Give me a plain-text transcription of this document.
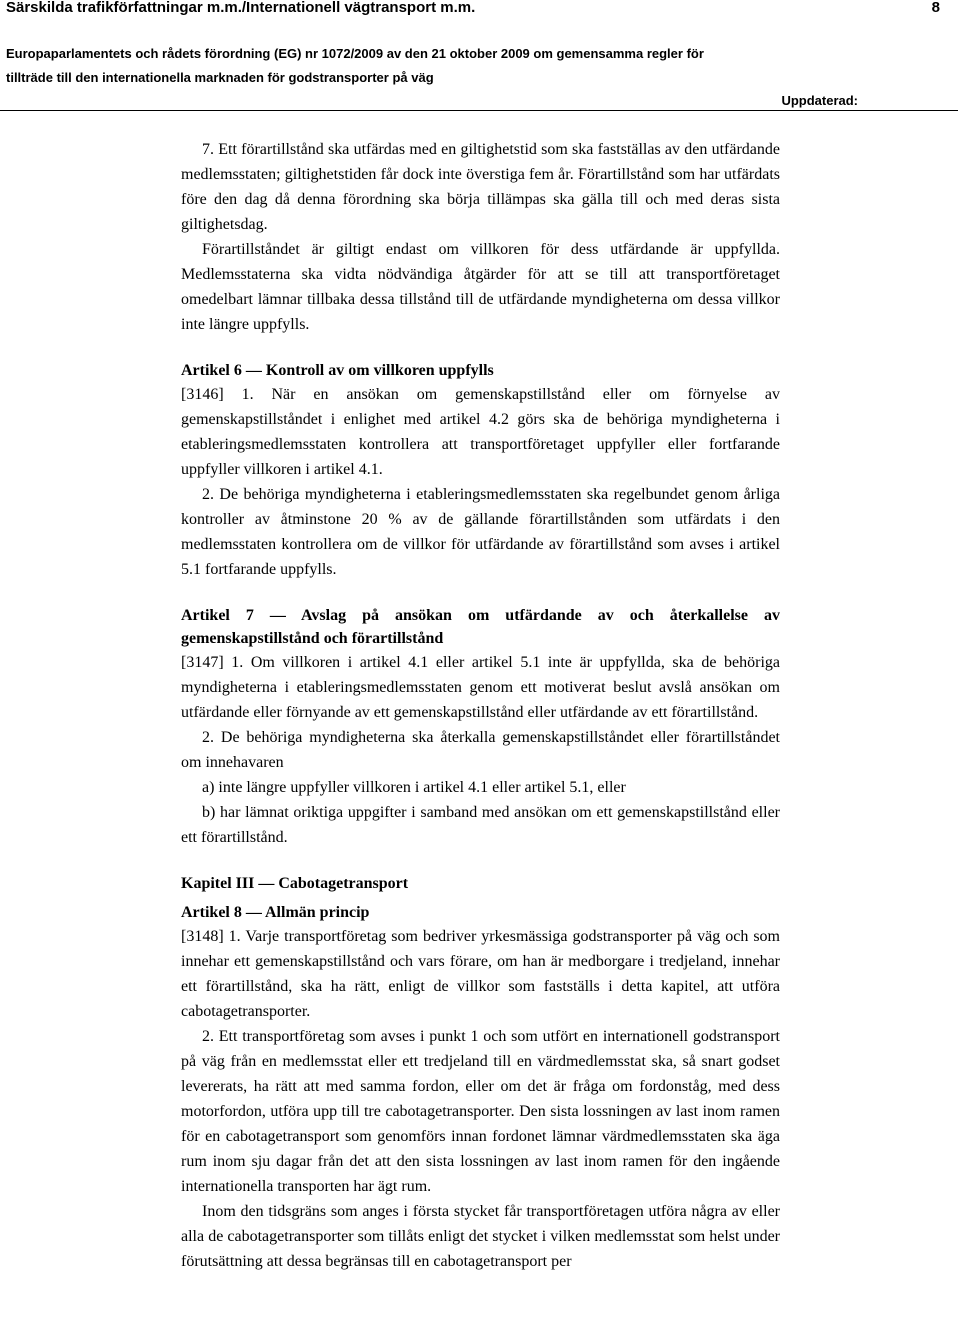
Särskilda trafikförfattningar m.m./Internationell vägtransport m.m.	8
Europaparlamentets och rådets förordning (EG) nr 1072/2009 av den 21 oktober 2009 om gemensamma regler för
tillträde till den internationella marknaden för godstransporter på väg
Uppdaterad:

7. Ett förartillstånd ska utfärdas med en giltighetstid som ska fastställas av den utfärdande medlemsstaten; giltighetstiden får dock inte överstiga fem år. Förartillstånd som har utfärdats före den dag då denna förordning ska börja tillämpas ska gälla till och med deras sista giltighetsdag.

Förartillståndet är giltigt endast om villkoren för dess utfärdande är uppfyllda. Medlemsstaterna ska vidta nödvändiga åtgärder för att se till att transportföretaget omedelbart lämnar tillbaka dessa tillstånd till de utfärdande myndigheterna om dessa villkor inte längre uppfylls.

Artikel 6 — Kontroll av om villkoren uppfylls

[3146] 1. När en ansökan om gemenskapstillstånd eller om förnyelse av gemenskapstillståndet i enlighet med artikel 4.2 görs ska de behöriga myndigheterna i etableringsmedlemsstaten kontrollera att transportföretaget uppfyller eller fortfarande uppfyller villkoren i artikel 4.1.

2. De behöriga myndigheterna i etableringsmedlemsstaten ska regelbundet genom årliga kontroller av åtminstone 20 % av de gällande förartillstånden som utfärdats i den medlemsstaten kontrollera om de villkor för utfärdande av förartillstånd som avses i artikel 5.1 fortfarande uppfylls.

Artikel 7 — Avslag på ansökan om utfärdande av och återkallelse av gemenskapstillstånd och förartillstånd

[3147] 1. Om villkoren i artikel 4.1 eller artikel 5.1 inte är uppfyllda, ska de behöriga myndigheterna i etableringsmedlemsstaten genom ett motiverat beslut avslå ansökan om utfärdande eller förnyande av ett gemenskapstillstånd eller utfärdande av ett förartillstånd.

2. De behöriga myndigheterna ska återkalla gemenskapstillståndet eller förartillståndet om innehavaren

a) inte längre uppfyller villkoren i artikel 4.1 eller artikel 5.1, eller

b) har lämnat oriktiga uppgifter i samband med ansökan om ett gemenskapstillstånd eller ett förartillstånd.

Kapitel III — Cabotagetransport

Artikel 8 — Allmän princip

[3148] 1. Varje transportföretag som bedriver yrkesmässiga godstransporter på väg och som innehar ett gemenskapstillstånd och vars förare, om han är medborgare i tredjeland, innehar ett förartillstånd, ska ha rätt, enligt de villkor som fastställs i detta kapitel, att utföra cabotagetransporter.

2. Ett transportföretag som avses i punkt 1 och som utfört en internationell godstransport på väg från en medlemsstat eller ett tredjeland till en värdmedlemsstat ska, så snart godset levererats, ha rätt att med samma fordon, eller om det är fråga om fordonståg, med dess motorfordon, utföra upp till tre cabotagetransporter. Den sista lossningen av last inom ramen för en cabotagetransport som genomförs innan fordonet lämnar värdmedlemsstaten ska äga rum inom sju dagar från det att den sista lossningen av last inom ramen för den ingående internationella transporten har ägt rum.

Inom den tidsgräns som anges i första stycket får transportföretagen utföra några av eller alla de cabotagetransporter som tillåts enligt det stycket i vilken medlemsstat som helst under förutsättning att dessa begränsas till en cabotagetransport per
